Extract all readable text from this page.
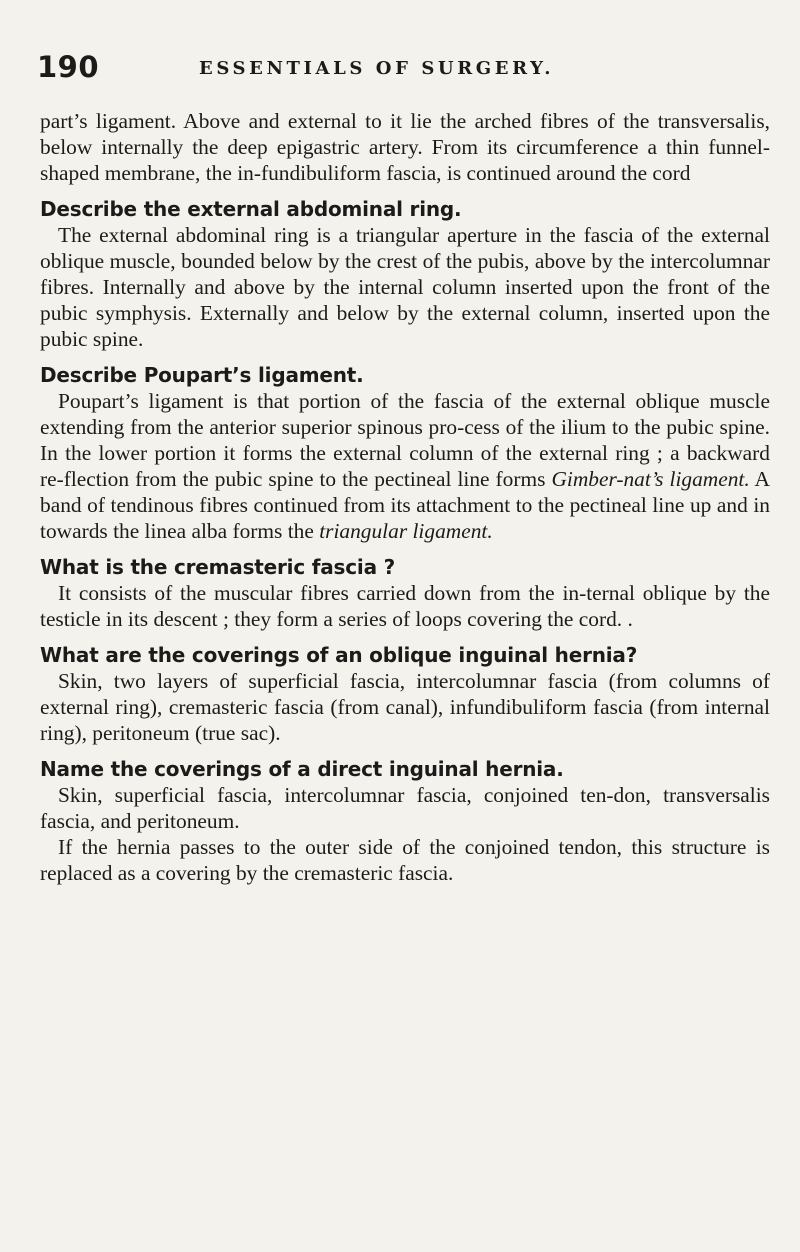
190	ESSENTIALS OF SURGERY.

part’s ligament. Above and external to it lie the arched fibres of the transversalis, below internally the deep epigastric artery. From its circumference a thin funnel-shaped membrane, the in-fundibuliform fascia, is continued around the cord

Describe the external abdominal ring.

The external abdominal ring is a triangular aperture in the fascia of the external oblique muscle, bounded below by the crest of the pubis, above by the intercolumnar fibres. Internally and above by the internal column inserted upon the front of the pubic symphysis. Externally and below by the external column, inserted upon the pubic spine.

Describe Poupart’s ligament.

Poupart’s ligament is that portion of the fascia of the external oblique muscle extending from the anterior superior spinous pro-cess of the ilium to the pubic spine. In the lower portion it forms the external column of the external ring ; a backward re-flection from the pubic spine to the pectineal line forms Gimber-nat’s ligament. A band of tendinous fibres continued from its attachment to the pectineal line up and in towards the linea alba forms the triangular ligament.

What is the cremasteric fascia ?

It consists of the muscular fibres carried down from the in-ternal oblique by the testicle in its descent ; they form a series of loops covering the cord. .

What are the coverings of an oblique inguinal hernia?

Skin, two layers of superficial fascia, intercolumnar fascia (from columns of external ring), cremasteric fascia (from canal), infundibuliform fascia (from internal ring), peritoneum (true sac).

Name the coverings of a direct inguinal hernia.

Skin, superficial fascia, intercolumnar fascia, conjoined ten-don, transversalis fascia, and peritoneum.

If the hernia passes to the outer side of the conjoined tendon, this structure is replaced as a covering by the cremasteric fascia.
